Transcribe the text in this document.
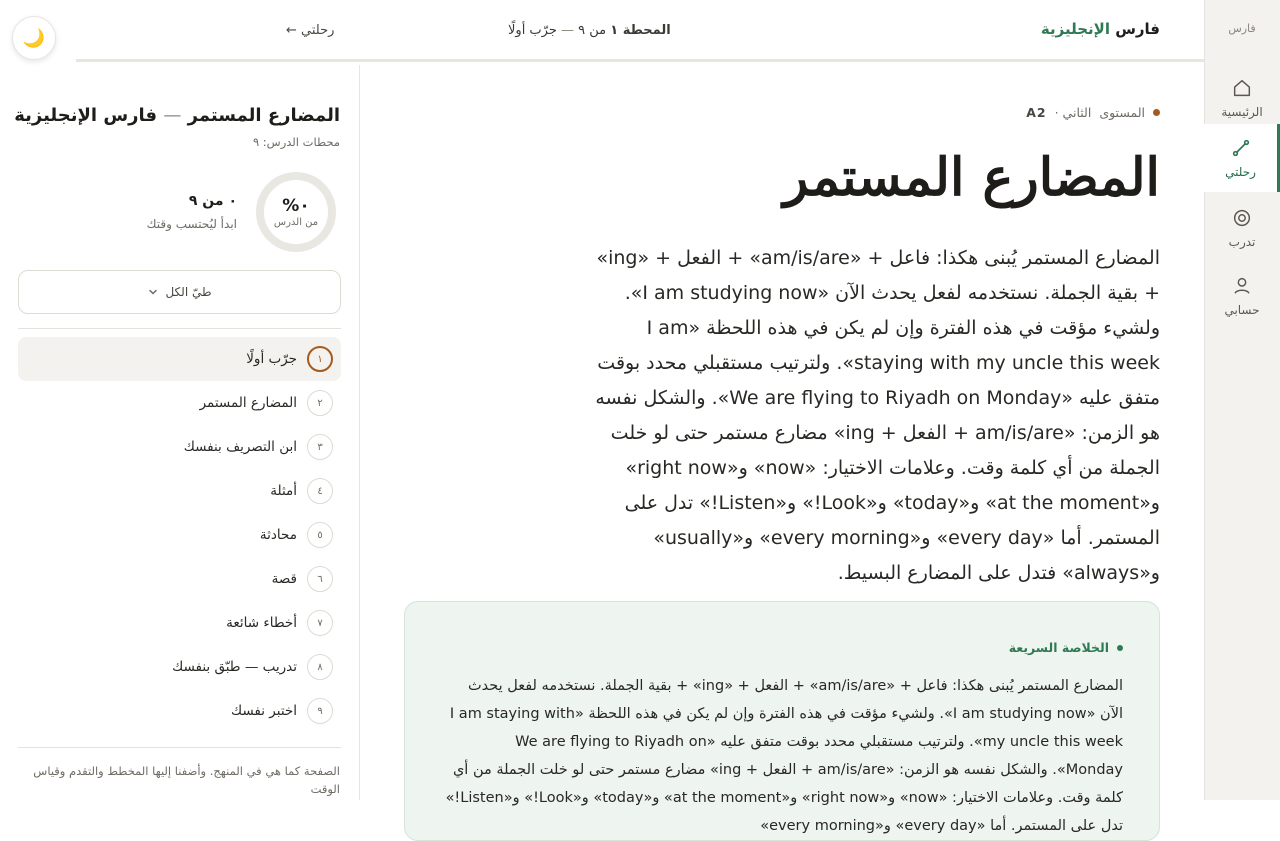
فارس
الرئيسية
رحلتي
تدرب
حسابي
فارس الإنجليزية
المحطة ١ من ٩ — جرّب أولًا
رحلتي ←
🌙
المضارع المستمر — فارس الإنجليزية
محطات الدرس: ٩
٠%
من الدرس
٠ من ٩
ابدأ ليُحتسب وقتك
طيّ الكل
١
جرّب أولًا
٢
المضارع المستمر
٣
ابن التصريف بنفسك
٤
أمثلة
٥
محادثة
٦
قصة
٧
أخطاء شائعة
٨
تدريب — طبّق بنفسك
٩
اختبر نفسك
الصفحة كما هي في المنهج. وأضفنا إليها المخطط والتقدم وقياس الوقت
المستوى
الثاني ·
A2
المضارع المستمر

المضارع المستمر يُبنى هكذا: فاعل + «am/is/are» + الفعل + «ing» + بقية الجملة. نستخدمه لفعل يحدث الآن «I am studying now». ولشيء مؤقت في هذه الفترة وإن لم يكن في هذه اللحظة «I am staying with my uncle this week». ولترتيب مستقبلي محدد بوقت متفق عليه «We are flying to Riyadh on Monday». والشكل نفسه هو الزمن: «am/is/are + الفعل + ing» مضارع مستمر حتى لو خلت الجملة من أي كلمة وقت. وعلامات الاختيار: «now» و«right now» و«at the moment» و«today» و«Look!» و«Listen!» تدل على المستمر. أما «every day» و«every morning» و«usually» و«always» فتدل على المضارع البسيط.

الخلاصة السريعة

المضارع المستمر يُبنى هكذا: فاعل + «am/is/are» + الفعل + «ing» + بقية الجملة. نستخدمه لفعل يحدث الآن «I am studying now». ولشيء مؤقت في هذه الفترة وإن لم يكن في هذه اللحظة «I am staying with my uncle this week». ولترتيب مستقبلي محدد بوقت متفق عليه «We are flying to Riyadh on Monday». والشكل نفسه هو الزمن: «am/is/are + الفعل + ing» مضارع مستمر حتى لو خلت الجملة من أي كلمة وقت. وعلامات الاختيار: «now» و«right now» و«at the moment» و«today» و«Look!» و«Listen!» تدل على المستمر. أما «every day» و«every morning»
